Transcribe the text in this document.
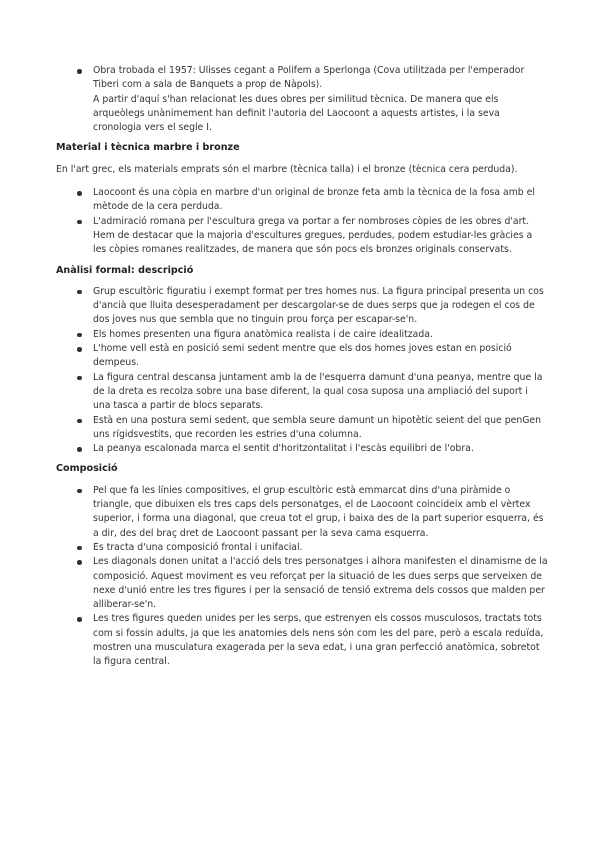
Obra trobada el 1957: Ulisses cegant a Polifem a Sperlonga (Cova utilitzada per l'emperador Tiberi com a sala de Banquets a prop de Nàpols).

A partir d'aquí s'han relacionat les dues obres per similitud tècnica. De manera que els arqueòlegs unànimement han definit l'autoria del Laocoont a aquests artistes, i la seva cronologia vers el segle I.

Material i tècnica marbre i bronze

En l'art grec, els materials emprats són el marbre (tècnica talla) i el bronze (tècnica cera perduda).

Laocoont és una còpia en marbre d'un original de bronze feta amb la tècnica de la fosa amb el mètode de la cera perduda.
L'admiració romana per l'escultura grega va portar a fer nombroses còpies de les obres d'art. Hem de destacar que la majoria d'escultures gregues, perdudes, podem estudiar-les gràcies a les còpies romanes realitzades, de manera que són pocs els bronzes originals conservats.

Anàlisi formal: descripció

Grup escultòric figuratiu i exempt format per tres homes nus. La figura principal presenta un cos d'ancià que lluita desesperadament per descargolar-se de dues serps que ja rodegen el cos de dos joves nus que sembla que no tinguin prou força per escapar-se'n.
Els homes presenten una figura anatòmica realista i de caire idealitzada.
L'home vell està en posició semi sedent mentre que els dos homes joves estan en posició dempeus.
La figura central descansa juntament amb la de l'esquerra damunt d'una peanya, mentre que la de la dreta es recolza sobre una base diferent, la qual cosa suposa una ampliació del suport i una tasca a partir de blocs separats.
Està en una postura semi sedent, que sembla seure damunt un hipotètic seient del que penGen uns rígidsvestits, que recorden les estries d'una columna.
La peanya escalonada marca el sentit d'horitzontalitat i l'escàs equilibri de l'obra.

Composició

Pel que fa les línies compositives, el grup escultòric està emmarcat dins d'una piràmide o triangle, que dibuixen els tres caps dels personatges, el de Laocoont coincideix amb el vèrtex superior, i forma una diagonal, que creua tot el grup, i baixa des de la part superior esquerra, és a dir, des del braç dret de Laocoont passant per la seva cama esquerra.
Es tracta d'una composició frontal i unifacial.
Les diagonals donen unitat a l'acció dels tres personatges i alhora manifesten el dinamisme de la composició. Aquest moviment es veu reforçat per la situació de les dues serps que serveixen de nexe d'unió entre les tres figures i per la sensació de tensió extrema dels cossos que malden per alliberar-se'n.
Les tres figures queden unides per les serps, que estrenyen els cossos musculosos, tractats tots com si fossin adults, ja que les anatomies dels nens són com les del pare, però a escala reduïda, mostren una musculatura exagerada per la seva edat, i una gran perfecció anatòmica, sobretot la figura central.
